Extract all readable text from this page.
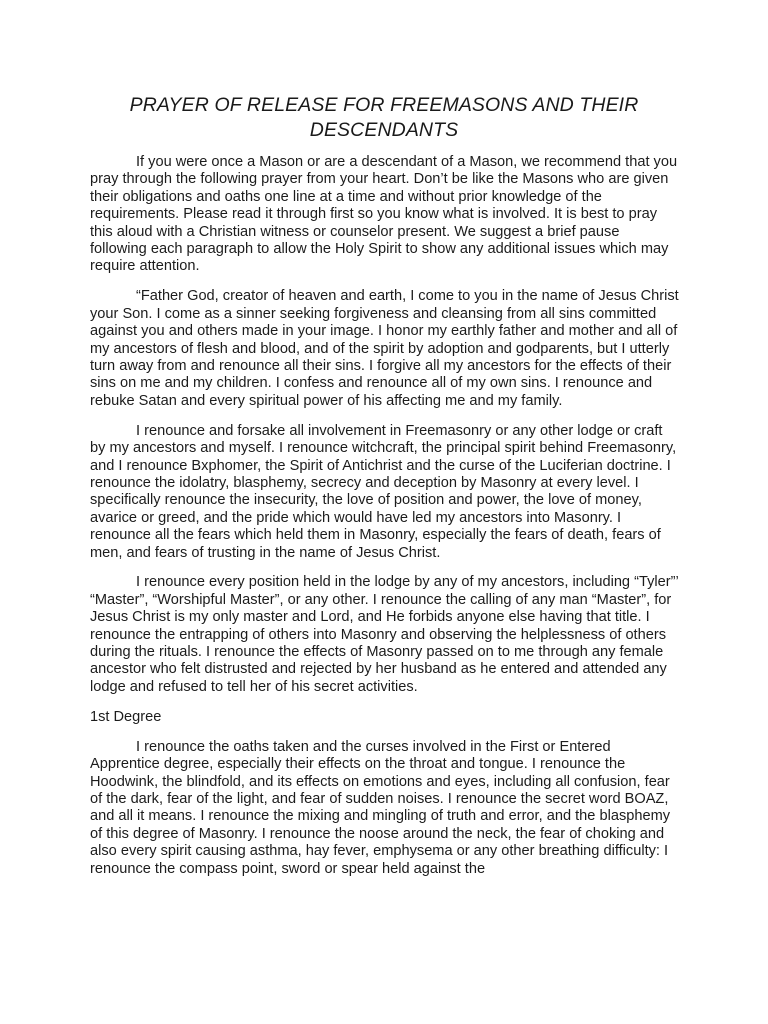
PRAYER OF RELEASE FOR FREEMASONS AND THEIR
DESCENDANTS

If you were once a Mason or are a descendant of a Mason, we recommend that you pray through the following prayer from your heart. Don’t be like the Masons who are given their obligations and oaths one line at a time and without prior knowledge of the requirements. Please read it through first so you know what is involved. It is best to pray this aloud with a Christian witness or counselor present. We suggest a brief pause following each paragraph to allow the Holy Spirit to show any additional issues which may require attention.

“Father God, creator of heaven and earth, I come to you in the name of Jesus Christ your Son. I come as a sinner seeking forgiveness and cleansing from all sins committed against you and others made in your image. I honor my earthly father and mother and all of my ancestors of flesh and blood, and of the spirit by adoption and godparents, but I utterly turn away from and renounce all their sins. I forgive all my ancestors for the effects of their sins on me and my children. I confess and renounce all of my own sins. I renounce and rebuke Satan and every spiritual power of his affecting me and my family.

I renounce and forsake all involvement in Freemasonry or any other lodge or craft by my ancestors and myself. I renounce witchcraft, the principal spirit behind Freemasonry, and I renounce Bxphomer, the Spirit of Antichrist and the curse of the Luciferian doctrine. I renounce the idolatry, blasphemy, secrecy and deception by Masonry at every level. I specifically renounce the insecurity, the love of position and power, the love of money, avarice or greed, and the pride which would have led my ancestors into Masonry. I renounce all the fears which held them in Masonry, especially the fears of death, fears of men, and fears of trusting in the name of Jesus Christ.

I renounce every position held in the lodge by any of my ancestors, including “Tyler”’ “Master”, “Worshipful Master”, or any other. I renounce the calling of any man “Master”, for Jesus Christ is my only master and Lord, and He forbids anyone else having that title. I renounce the entrapping of others into Masonry and observing the helplessness of others during the rituals. I renounce the effects of Masonry passed on to me through any female ancestor who felt distrusted and rejected by her husband as he entered and attended any lodge and refused to tell her of his secret activities.

1st Degree

I renounce the oaths taken and the curses involved in the First or Entered Apprentice degree, especially their effects on the throat and tongue. I renounce the Hoodwink, the blindfold, and its effects on emotions and eyes, including all confusion, fear of the dark, fear of the light, and fear of sudden noises. I renounce the secret word BOAZ, and all it means. I renounce the mixing and mingling of truth and error, and the blasphemy of this degree of Masonry. I renounce the noose around the neck, the fear of choking and also every spirit causing asthma, hay fever, emphysema or any other breathing difficulty: I renounce the compass point, sword or spear held against the
